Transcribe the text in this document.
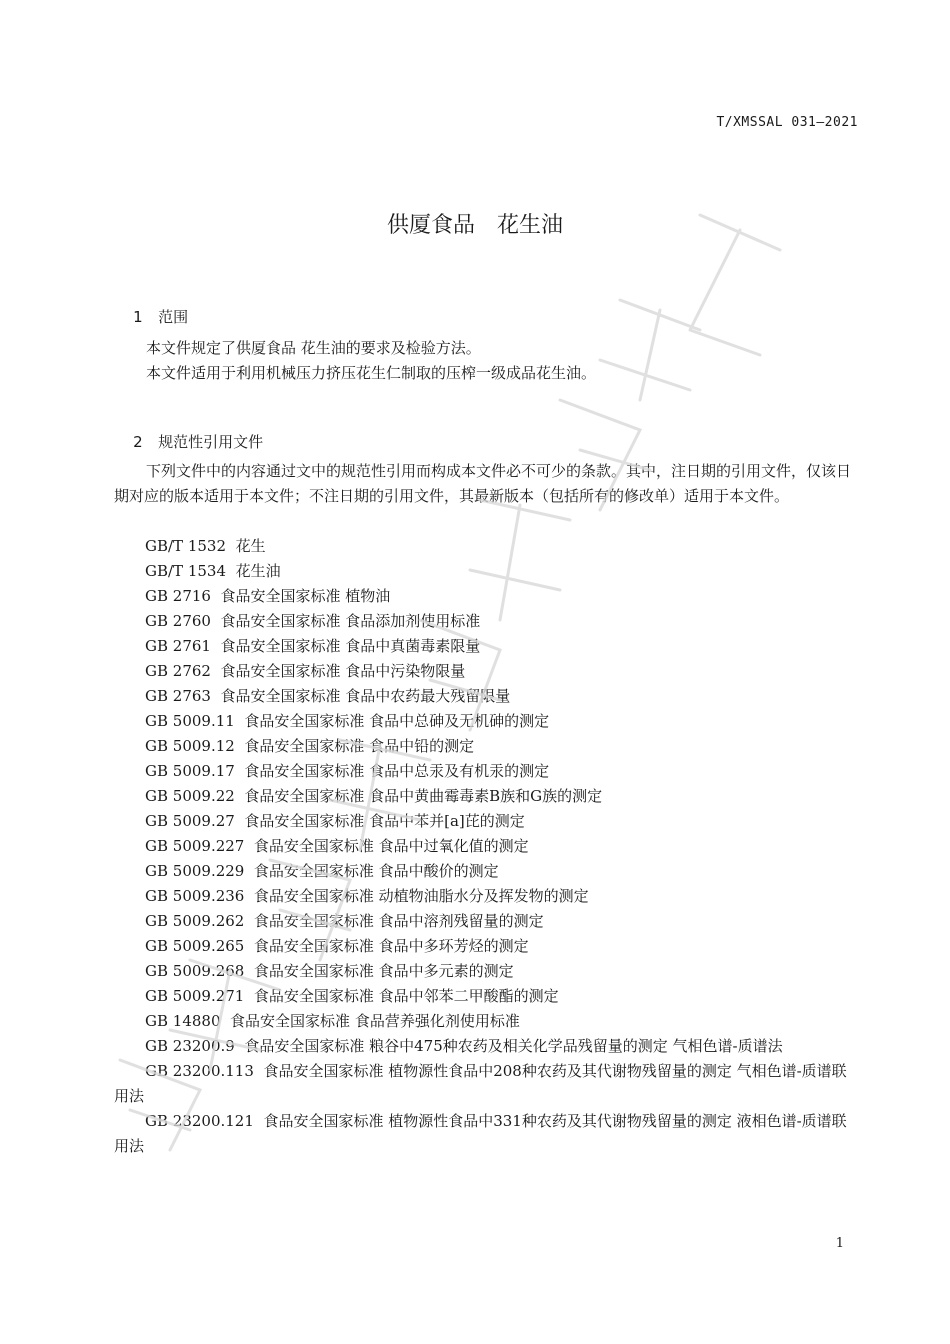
T/XMSSAL 031—2021
供厦食品　花生油

1 范围

本文件规定了供厦食品 花生油的要求及检验方法。

本文件适用于利用机械压力挤压花生仁制取的压榨一级成品花生油。

2 规范性引用文件

下列文件中的内容通过文中的规范性引用而构成本文件必不可少的条款。其中，注日期的引用文件，仅该日期对应的版本适用于本文件；不注日期的引用文件，其最新版本（包括所有的修改单）适用于本文件。

GB/T 1532 花生
GB/T 1534 花生油
GB 2716 食品安全国家标准 植物油
GB 2760 食品安全国家标准 食品添加剂使用标准
GB 2761 食品安全国家标准 食品中真菌毒素限量
GB 2762 食品安全国家标准 食品中污染物限量
GB 2763 食品安全国家标准 食品中农药最大残留限量
GB 5009.11 食品安全国家标准 食品中总砷及无机砷的测定
GB 5009.12 食品安全国家标准 食品中铅的测定
GB 5009.17 食品安全国家标准 食品中总汞及有机汞的测定
GB 5009.22 食品安全国家标准 食品中黄曲霉毒素B族和G族的测定
GB 5009.27 食品安全国家标准 食品中苯并[a]芘的测定
GB 5009.227 食品安全国家标准 食品中过氧化值的测定
GB 5009.229 食品安全国家标准 食品中酸价的测定
GB 5009.236 食品安全国家标准 动植物油脂水分及挥发物的测定
GB 5009.262 食品安全国家标准 食品中溶剂残留量的测定
GB 5009.265 食品安全国家标准 食品中多环芳烃的测定
GB 5009.268 食品安全国家标准 食品中多元素的测定
GB 5009.271 食品安全国家标准 食品中邻苯二甲酸酯的测定
GB 14880 食品安全国家标准 食品营养强化剂使用标准
GB 23200.9 食品安全国家标准 粮谷中475种农药及相关化学品残留量的测定 气相色谱-质谱法
GB 23200.113 食品安全国家标准 植物源性食品中208种农药及其代谢物残留量的测定 气相色谱-质谱联用法
GB 23200.121 食品安全国家标准 植物源性食品中331种农药及其代谢物残留量的测定 液相色谱-质谱联用法
1
